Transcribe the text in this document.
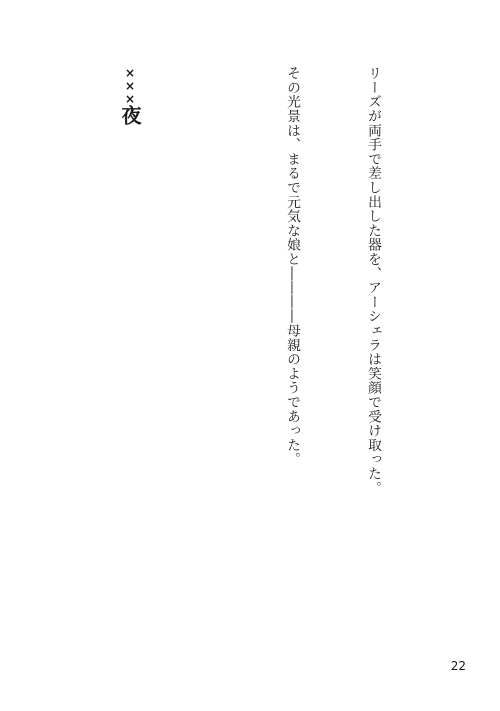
リーズが両手で差し出した器を、アーシェラは笑顔で受け取った。

その光景は、まるで元気な娘と――――母親のようであった。

×××夜

22
